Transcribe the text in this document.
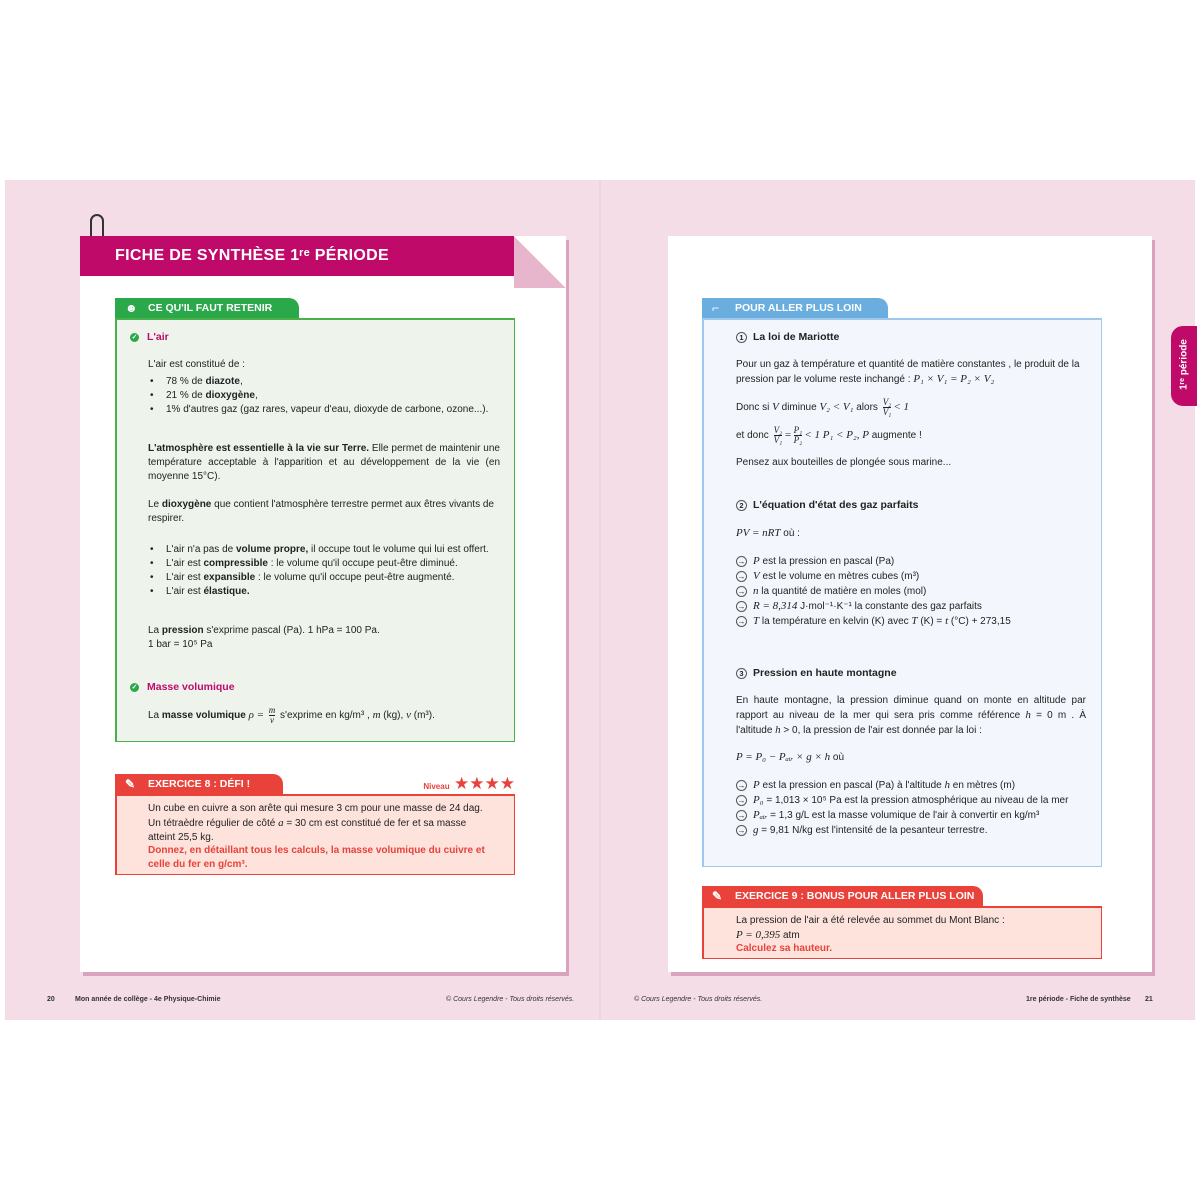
FICHE DE SYNTHÈSE 1ʳᵉ PÉRIODE
☻ CE QU'IL FAUT RETENIR
✓ L'air
L'air est constitué de :
• 78 % de diazote,
• 21 % de dioxygène,
• 1% d'autres gaz (gaz rares, vapeur d'eau, dioxyde de carbone, ozone...).
L'atmosphère est essentielle à la vie sur Terre. Elle permet de maintenir une température acceptable à l'apparition et au développement de la vie (en moyenne 15°C).
Le dioxygène que contient l'atmosphère terrestre permet aux êtres vivants de respirer.
• L'air n'a pas de volume propre, il occupe tout le volume qui lui est offert.
• L'air est compressible : le volume qu'il occupe peut-être diminué.
• L'air est expansible : le volume qu'il occupe peut-être augmenté.
• L'air est élastique.
La pression s'exprime pascal (Pa). 1 hPa = 100 Pa.
1 bar = 10⁵ Pa
✓ Masse volumique
La masse volumique $\rho = \frac{m}{v}$ s'exprime en kg/m³ , m (kg), v (m³).
✎ EXERCICE 8 : DÉFI !	Niveau ★★★★
Un cube en cuivre a son arête qui mesure 3 cm pour une masse de 24 dag. Un tétraèdre régulier de côté a = 30 cm est constitué de fer et sa masse atteint 25,5 kg.
Donnez, en détaillant tous les calculs, la masse volumique du cuivre et celle du fer en g/cm³.
20	Mon année de collège - 4e Physique-Chimie	© Cours Legendre - Tous droits réservés.
⌐ POUR ALLER PLUS LOIN
1 La loi de Mariotte
Pour un gaz à température et quantité de matière constantes , le produit de la pression par le volume reste inchangé : P₁ × V₁ = P₂ × V₂
Donc si V diminue V₂ < V₁ alors $\frac{\text{V₂}}{\text{V₁}} < 1$
et donc $\frac{\text{V₂}}{\text{V₁}} = \frac{\text{P₁}}{\text{P₂}} < 1$ P₁ < P₂, P augmente !
Pensez aux bouteilles de plongée sous marine...
2 L'équation d'état des gaz parfaits
PV = nRT où :
→ P est la pression en pascal (Pa)
→ V est le volume en mètres cubes (m³)
→ n la quantité de matière en moles (mol)
→ R = 8,314 J·mol⁻¹·K⁻¹ la constante des gaz parfaits
→ T la température en kelvin (K) avec T (K) = t (°C) + 273,15
3 Pression en haute montagne
En haute montagne, la pression diminue quand on monte en altitude par rapport au niveau de la mer qui sera pris comme référence h = 0 m . À l'altitude h > 0, la pression de l'air est donnée par la loi :
P = P₀ − Pₐᵢᵣ × g × h où
→ P est la pression en pascal (Pa) à l'altitude h en mètres (m)
→ P₀ = 1,013 × 10⁵ Pa est la pression atmosphérique au niveau de la mer
→ Pₐᵢᵣ = 1,3 g/L est la masse volumique de l'air à convertir en kg/m³
→ g = 9,81 N/kg est l'intensité de la pesanteur terrestre.
✎ EXERCICE 9 : BONUS POUR ALLER PLUS LOIN
La pression de l'air a été relevée au sommet du Mont Blanc :
P = 0,395 atm
Calculez sa hauteur.
1ʳᵉ période
© Cours Legendre - Tous droits réservés.	1re période - Fiche de synthèse 21
